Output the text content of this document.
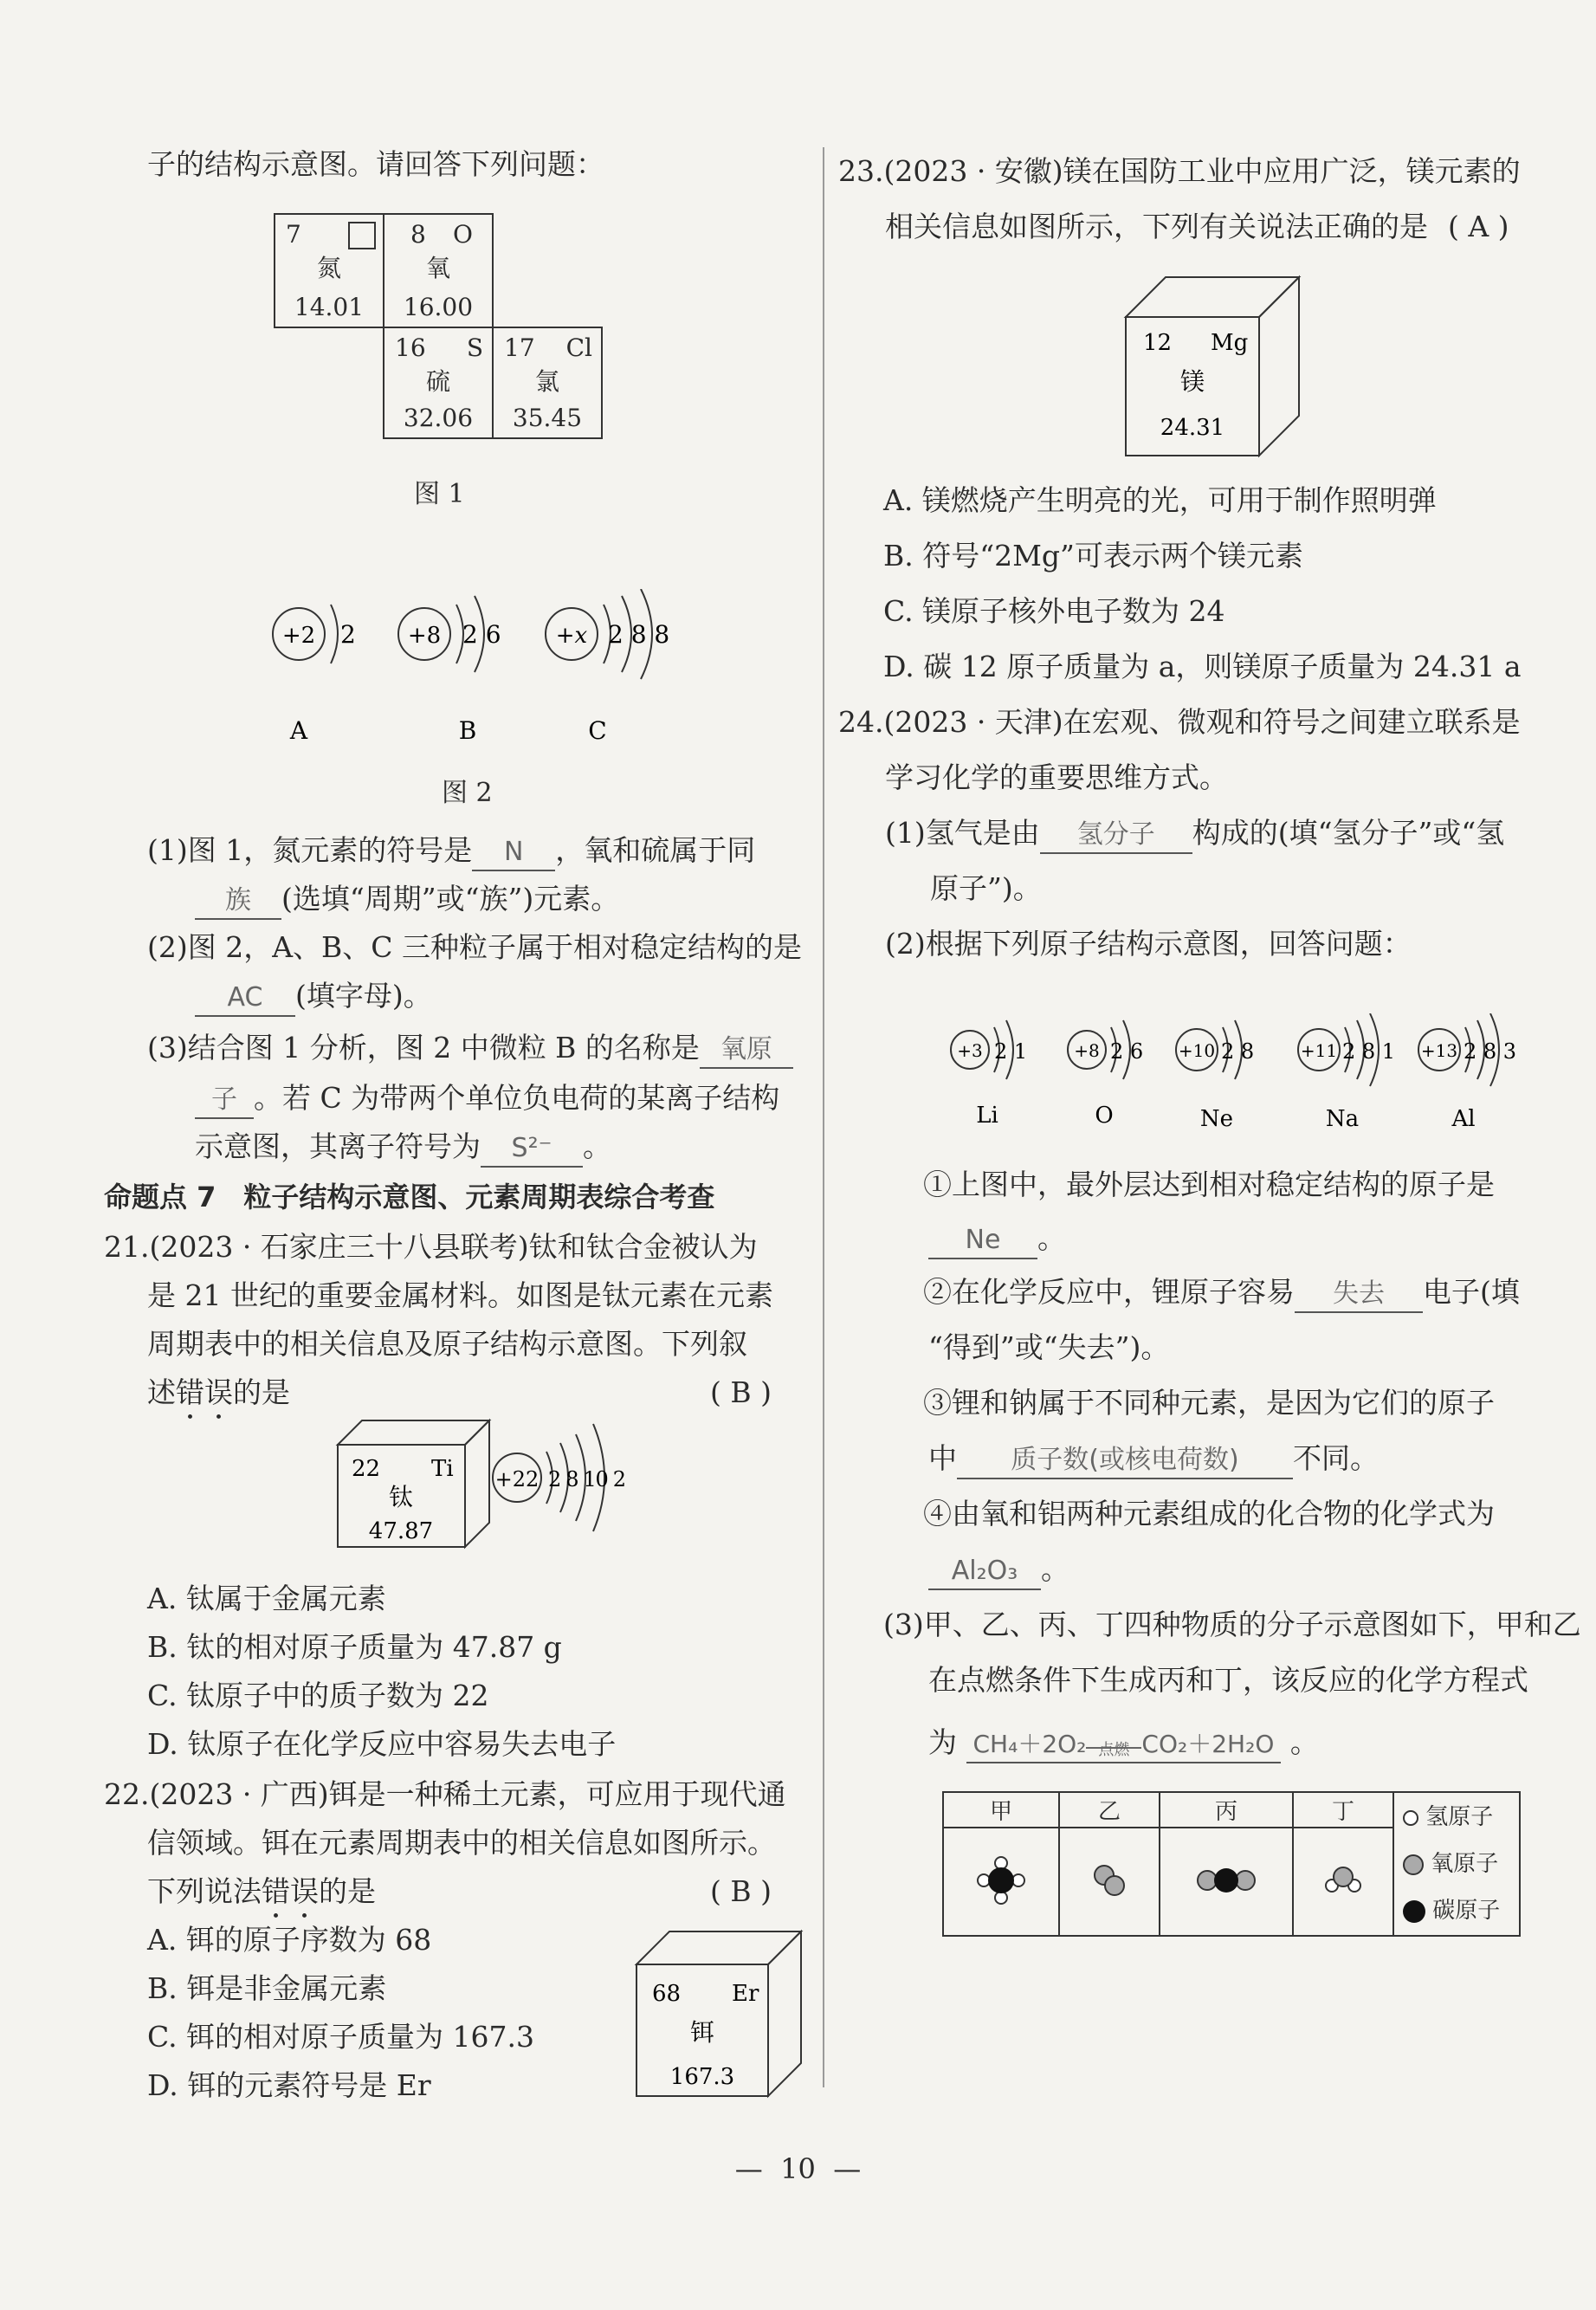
子的结构示意图。请回答下列问题：
7
氮
14.01
8 O
氧
16.00
16 S
硫
32.06
17 Cl
氯
35.45
图 1
+2 2
A
+8 2 6
B
+x 2 8 8
C
图 2
(1)图 1，氮元素的符号是 N ，氧和硫属于同
族 (选填“周期”或“族”)元素。
(2)图 2，A、B、C 三种粒子属于相对稳定结构的是
AC (填字母)。
(3)结合图 1 分析，图 2 中微粒 B 的名称是 氧原
子 。若 C 为带两个单位负电荷的某离子结构
示意图，其离子符号为 S²⁻ 。
命题点 7　粒子结构示意图、元素周期表综合考查
21.(2023 · 石家庄三十八县联考)钛和钛合金被认为
是 21 世纪的重要金属材料。如图是钛元素在元素
周期表中的相关信息及原子结构示意图。下列叙
述错误的是	( B )
22 Ti
钛
47.87
+22 2 8 10 2
A. 钛属于金属元素
B. 钛的相对原子质量为 47.87 g
C. 钛原子中的质子数为 22
D. 钛原子在化学反应中容易失去电子
22.(2023 · 广西)铒是一种稀土元素，可应用于现代通
信领域。铒在元素周期表中的相关信息如图所示。
下列说法错误的是	( B )
A. 铒的原子序数为 68
B. 铒是非金属元素
C. 铒的相对原子质量为 167.3
D. 铒的元素符号是 Er
68 Er
铒
167.3
23.(2023 · 安徽)镁在国防工业中应用广泛，镁元素的
相关信息如图所示，下列有关说法正确的是 ( A )
12 Mg
镁
24.31
A. 镁燃烧产生明亮的光，可用于制作照明弹
B. 符号“2Mg”可表示两个镁元素
C. 镁原子核外电子数为 24
D. 碳 12 原子质量为 a，则镁原子质量为 24.31 a
24.(2023 · 天津)在宏观、微观和符号之间建立联系是
学习化学的重要思维方式。
(1)氢气是由 氢分子 构成的(填“氢分子”或“氢
原子”)。
(2)根据下列原子结构示意图，回答问题：
+3 2 1
Li
+8 2 6
O
+10 2 8
Ne
+11 2 8 1
Na
+13 2 8 3
Al
①上图中，最外层达到相对稳定结构的原子是
Ne 。
②在化学反应中，锂原子容易 失去 电子(填
“得到”或“失去”)。
③锂和钠属于不同种元素，是因为它们的原子
中 质子数(或核电荷数) 不同。
④由氧和铝两种元素组成的化合物的化学式为
Al₂O₃ 。
(3)甲、乙、丙、丁四种物质的分子示意图如下，甲和乙
在点燃条件下生成丙和丁，该反应的化学方程式
为 CH₄＋2O₂ 点燃 CO₂＋2H₂O 。
甲	乙	丙	丁	氢原子
氧原子
碳原子

— 10 —
